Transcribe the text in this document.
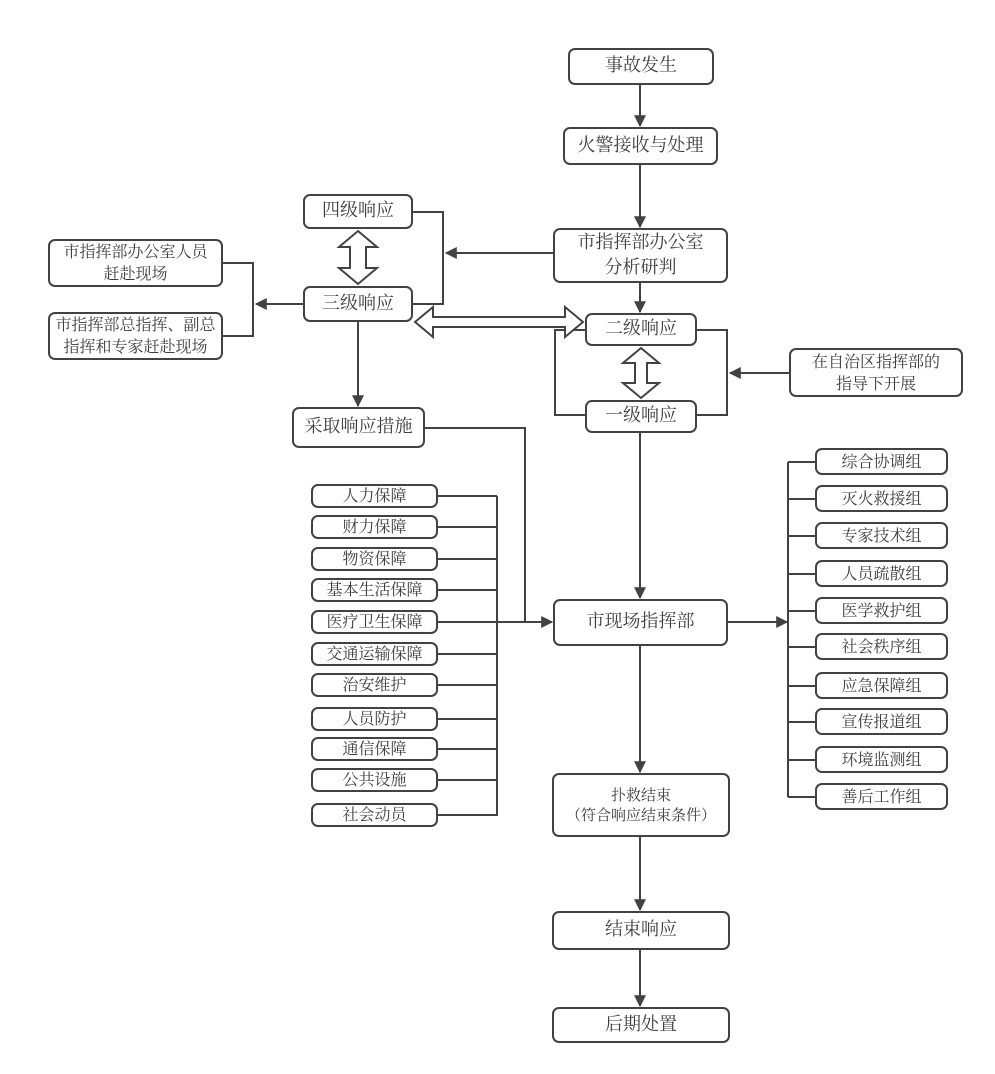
事故发生
火警接收与处理
市指挥部办公室
分析研判
四级响应
三级响应
市指挥部办公室人员
赶赴现场
市指挥部总指挥、副总
指挥和专家赶赴现场
二级响应
一级响应
在自治区指挥部的
指导下开展
采取响应措施
市现场指挥部
扑救结束
（符合响应结束条件）
结束响应
后期处置
人力保障
财力保障
物资保障
基本生活保障
医疗卫生保障
交通运输保障
治安维护
人员防护
通信保障
公共设施
社会动员
综合协调组
灭火救援组
专家技术组
人员疏散组
医学救护组
社会秩序组
应急保障组
宣传报道组
环境监测组
善后工作组
